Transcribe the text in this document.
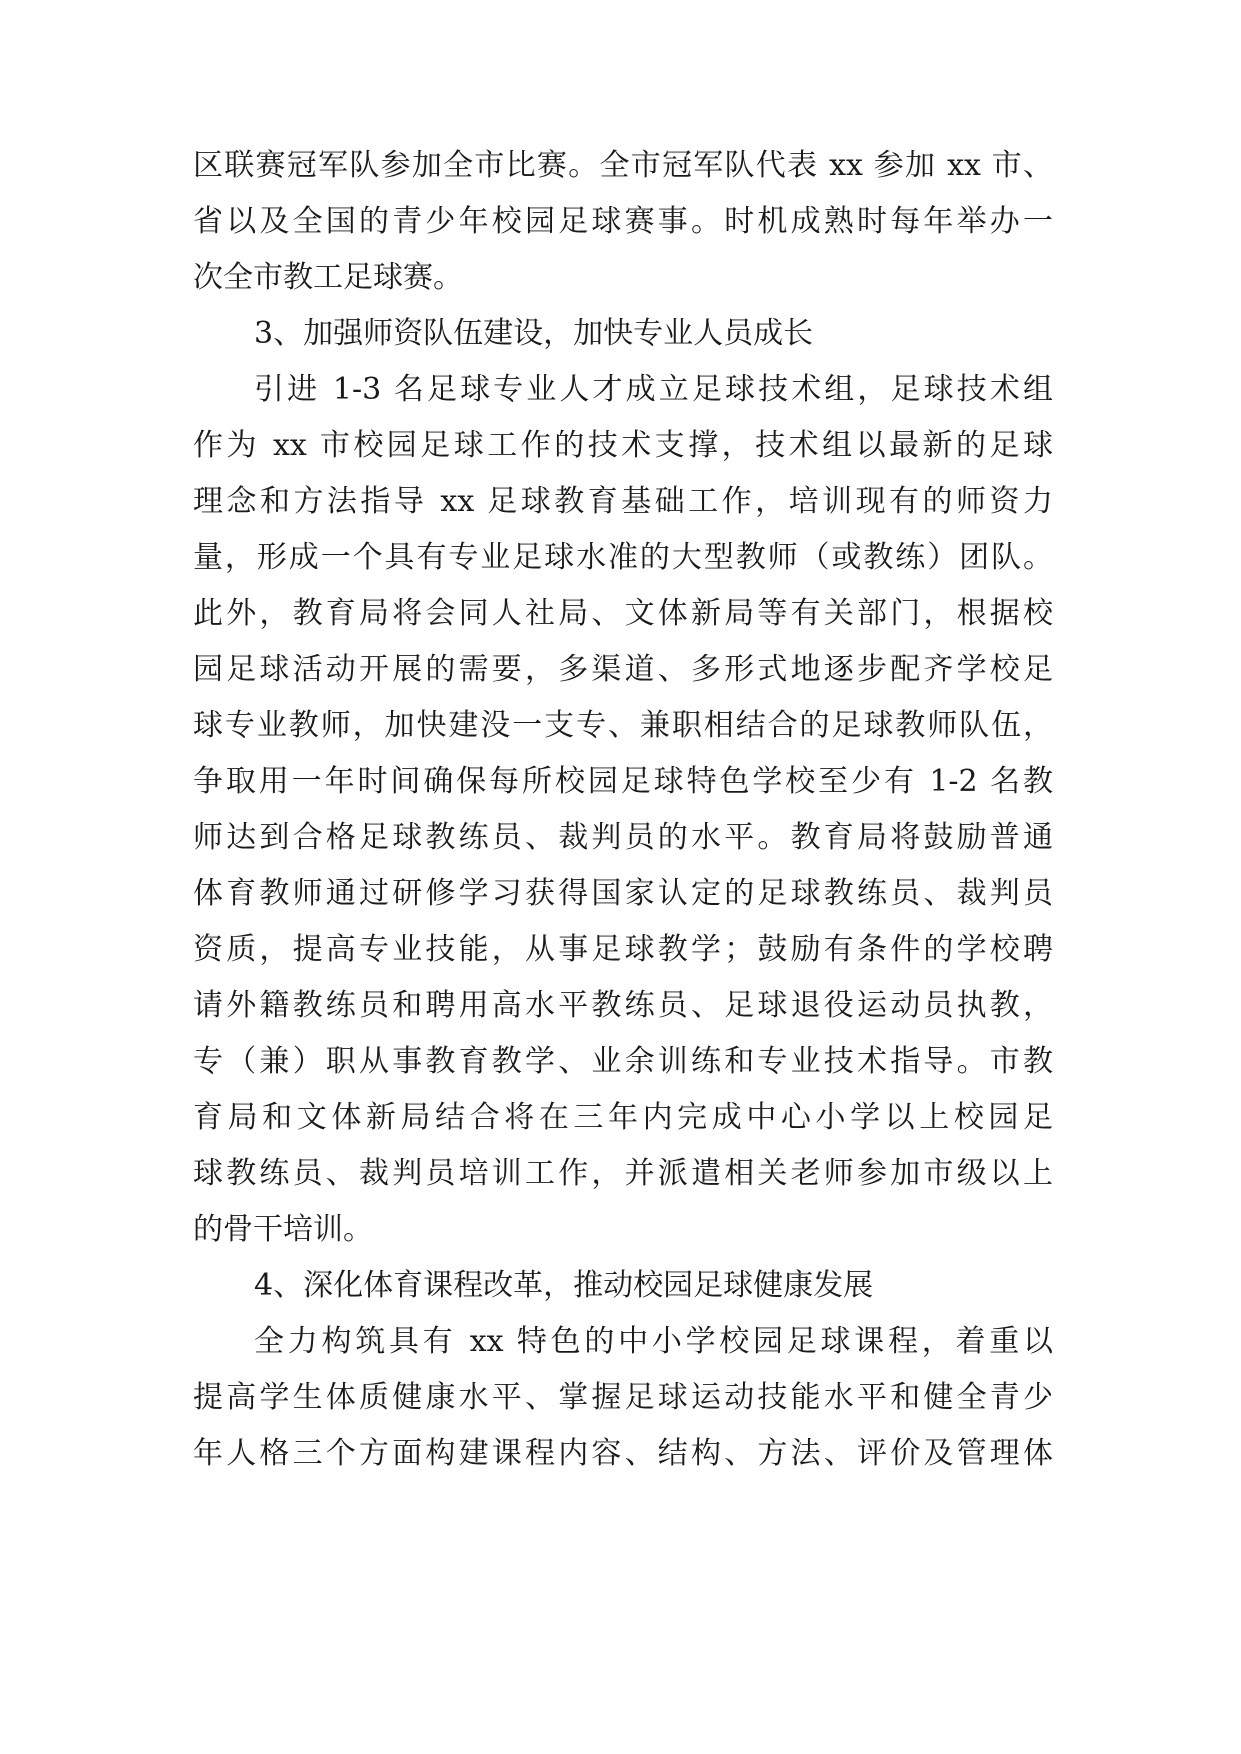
区联赛冠军队参加全市比赛。全市冠军队代表 xx 参加 xx 市、
省以及全国的青少年校园足球赛事。时机成熟时每年举办一
次全市教工足球赛。
3、加强师资队伍建设，加快专业人员成长
引进 1-3 名足球专业人才成立足球技术组，足球技术组
作为 xx 市校园足球工作的技术支撑，技术组以最新的足球
理念和方法指导 xx 足球教育基础工作，培训现有的师资力
量，形成一个具有专业足球水准的大型教师（或教练）团队。
此外，教育局将会同人社局、文体新局等有关部门，根据校
园足球活动开展的需要，多渠道、多形式地逐步配齐学校足
球专业教师，加快建没一支专、兼职相结合的足球教师队伍，
争取用一年时间确保每所校园足球特色学校至少有 1-2 名教
师达到合格足球教练员、裁判员的水平。教育局将鼓励普通
体育教师通过研修学习获得国家认定的足球教练员、裁判员
资质，提高专业技能，从事足球教学；鼓励有条件的学校聘
请外籍教练员和聘用高水平教练员、足球退役运动员执教，
专（兼）职从事教育教学、业余训练和专业技术指导。市教
育局和文体新局结合将在三年内完成中心小学以上校园足
球教练员、裁判员培训工作，并派遣相关老师参加市级以上
的骨干培训。
4、深化体育课程改革，推动校园足球健康发展
全力构筑具有 xx 特色的中小学校园足球课程，着重以
提高学生体质健康水平、掌握足球运动技能水平和健全青少
年人格三个方面构建课程内容、结构、方法、评价及管理体
